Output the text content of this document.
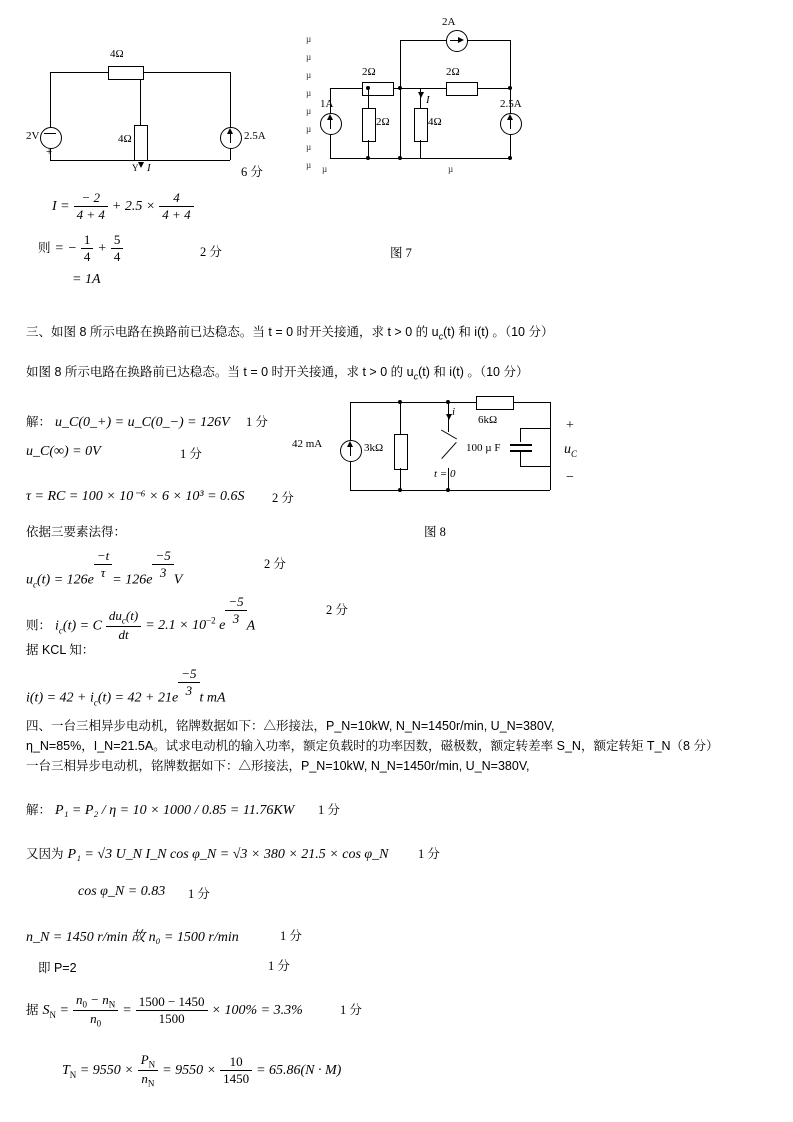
4Ω
4Ω
2V
+
2.5A
I
Y
µ
µ
µ
µ
µ
µ
µ
µ µ	µ
2A
2Ω	2Ω
2Ω	4Ω
1A	2.5A
I
6 分
图 7
$I = \frac{- 2}{4 + 4} + 2.5 \times \frac{4}{4 + 4}$
则 = − $\frac{1}{4} + \frac{5}{4}$	2 分
= 1A
三、如图 8 所示电路在换路前已达稳态。当 t = 0 时开关接通，求 t > 0 的 $u_c(t)$ 和 i(t) 。（10 分）
如图 8 所示电路在换路前已达稳态。当 t = 0 时开关接通，求 t > 0 的 $u_c(t)$ 和 i(t) 。（10 分）
解： u_C(0_+) = u_C(0_−) = 126V 1 分
u_C(∞) = 0V	1 分
τ = RC = 100 × 10⁻⁶ × 6 × 10³ = 0.6S 2 分
依据三要素法得：
$u_c(t) = 126e \frac{-t}{\tau} = 126e \frac{-5}{3}$ V
2 分
则： $i_c(t) = C \frac{du_c(t)}{dt} = 2.1 \times 10^{-2}$ e $\frac{-5}{3}$ A
2 分
据 KCL 知：
$i(t) = 42 + i_c(t) = 42 + 21e \frac{-5}{3}$ t mA
6kΩ
42 mA	3kΩ
t = 0
i
100 µ F
+
−
$u_C$
图 8
四、一台三相异步电动机，铭牌数据如下：△形接法，P_N=10kW, N_N=1450r/min, U_N=380V,
η_N=85%，I_N=21.5A。试求电动机的输入功率，额定负载时的功率因数，磁极数，额定转差率 S_N，额定转矩 T_N（8 分）
一台三相异步电动机，铭牌数据如下：△形接法，P_N=10kW, N_N=1450r/min, U_N=380V,
解： P₁ = P₂ / η = 10 × 1000 / 0.85 = 11.76KW 1 分
又因为 P₁ = √3 U_N I_N cos φ_N = √3 × 380 × 21.5 × cos φ_N 1 分
cos φ_N = 0.83 1 分
n_N = 1450 r/min 故 n₀ = 1500 r/min	1 分
即 P=2	1 分
据 $S_N = \frac{n_0 - n_N}{n_0} = \frac{1500 - 1450}{1500} \times 100\% = 3.3\%$	1 分
$T_N = 9550 \times \frac{P_N}{n_N} = 9550 \times \frac{10}{1450} = 65.86(N \cdot M)$
